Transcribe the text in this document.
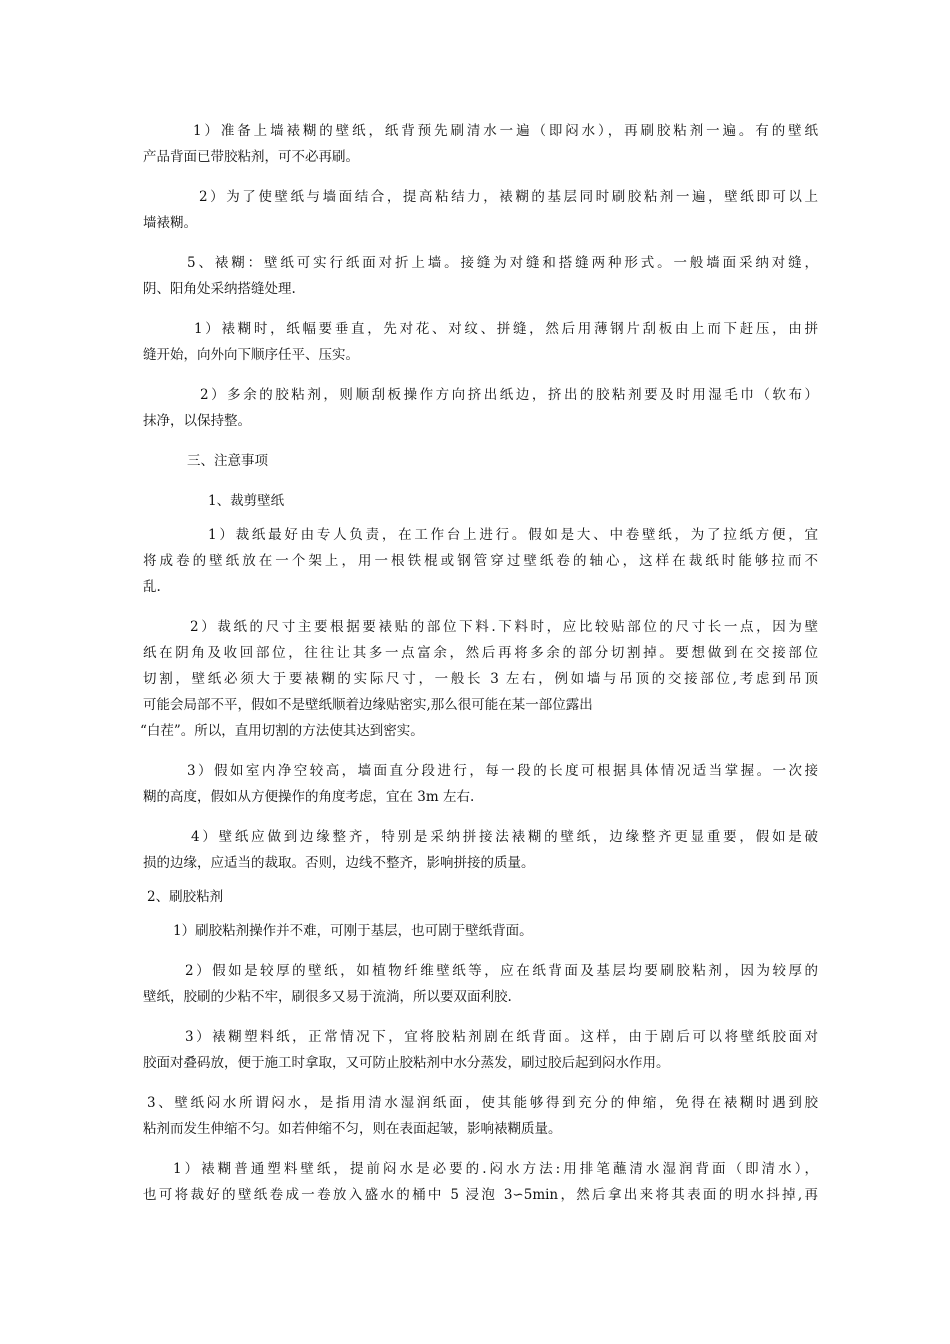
1）准备上墙裱糊的壁纸，纸背预先刷清水一遍（即闷水），再刷胶粘剂一遍。有的壁纸
产品背面已带胶粘剂，可不必再刷。
2）为了使壁纸与墙面结合，提高粘结力，裱糊的基层同时刷胶粘剂一遍，壁纸即可以上
墙裱糊。
5、裱糊：壁纸可实行纸面对折上墙。接缝为对缝和搭缝两种形式。一般墙面采纳对缝，
阴、阳角处采纳搭缝处理.
1）裱糊时，纸幅要垂直，先对花、对纹、拼缝，然后用薄钢片刮板由上而下赶压，由拼
缝开始，向外向下顺序任平、压实。
2）多余的胶粘剂，则顺刮板操作方向挤出纸边，挤出的胶粘剂要及时用湿毛巾（软布）
抹净，以保持整。
三、注意事项
1、裁剪壁纸
1）裁纸最好由专人负责，在工作台上进行。假如是大、中卷壁纸，为了拉纸方便，宜
将成卷的壁纸放在一个架上，用一根铁棍或钢管穿过壁纸卷的轴心，这样在裁纸时能够拉而不
乱.
2）裁纸的尺寸主要根据要裱贴的部位下料.下料时，应比较贴部位的尺寸长一点，因为壁
纸在阴角及收回部位，往往让其多一点富余，然后再将多余的部分切割掉。要想做到在交接部位
切割，壁纸必须大于要裱糊的实际尺寸，一般长 3 左右，例如墙与吊顶的交接部位,考虑到吊顶
可能会局部不平，假如不是壁纸顺着边缘贴密实,那么很可能在某一部位露出
“白茬”。所以，直用切割的方法使其达到密实。
3）假如室内净空较高，墙面直分段进行，每一段的长度可根据具体情况适当掌握。一次接
糊的高度，假如从方便操作的角度考虑，宜在 3m 左右.
4）壁纸应做到边缘整齐，特别是采纳拼接法裱糊的壁纸，边缘整齐更显重要，假如是破
损的边缘，应适当的裁取。否则，边线不整齐，影响拼接的质量。
2、刷胶粘剂
1）刷胶粘剂操作并不难，可刚于基层，也可剧于壁纸背面。
2）假如是较厚的壁纸，如植物纤维壁纸等，应在纸背面及基层均要刷胶粘剂，因为较厚的
壁纸，胶刷的少粘不牢，刷很多又易于流淌，所以要双面利胶.
3）裱糊塑料纸，正常情况下，宜将胶粘剂剧在纸背面。这样，由于剧后可以将壁纸胶面对
胶面对叠码放，便于施工时拿取，又可防止胶粘剂中水分蒸发，刷过胶后起到闷水作用。
3、壁纸闷水所谓闷水，是指用清水湿润纸面，使其能够得到充分的伸缩，免得在裱糊时遇到胶
粘剂而发生伸缩不匀。如若伸缩不匀，则在表面起皱，影响裱糊质量。
1）裱糊普通塑料壁纸，提前闷水是必要的.闷水方法:用排笔蘸清水湿润背面（即清水），
也可将裁好的壁纸卷成一卷放入盛水的桶中 5 浸泡 3∽5min，然后拿出来将其表面的明水抖掉,再
